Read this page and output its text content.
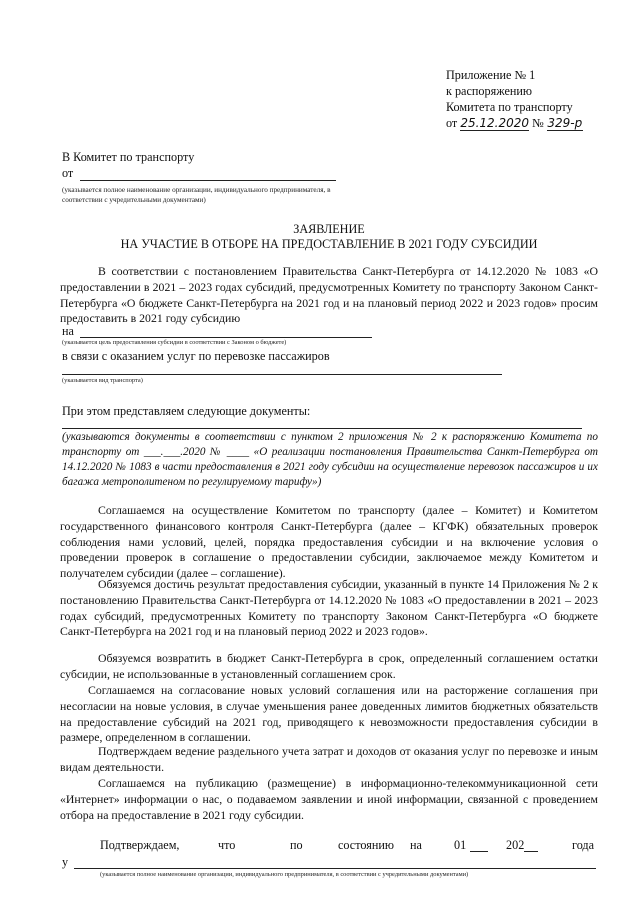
Приложение № 1
к распоряжению
Комитета по транспорту
от 25.12.2020 № 329-р
В Комитет по транспорту
от
(указывается полное наименование организации, индивидуального предпринимателя, в соответствии с учредительными документами)
ЗАЯВЛЕНИЕ
НА УЧАСТИЕ В ОТБОРЕ НА ПРЕДОСТАВЛЕНИЕ В 2021 ГОДУ СУБСИДИИ
В соответствии с постановлением Правительства Санкт-Петербурга от 14.12.2020 № 1083 «О предоставлении в 2021 – 2023 годах субсидий, предусмотренных Комитету по транспорту Законом Санкт-Петербурга «О бюджете Санкт-Петербурга на 2021 год и на плановый период 2022 и 2023 годов» просим предоставить в 2021 году субсидию
на
(указывается цель предоставления субсидии в соответствии с Законом о бюджете)
в связи с оказанием услуг по перевозке пассажиров
(указывается вид транспорта)
При этом представляем следующие документы:
(указываются документы в соответствии с пунктом 2 приложения № 2 к распоряжению Комитета по транспорту от ___.___.2020 № ____ «О реализации постановления Правительства Санкт-Петербурга от 14.12.2020 № 1083 в части предоставления в 2021 году субсидии на осуществление перевозок пассажиров и их багажа метрополитеном по регулируемому тарифу»)
Соглашаемся на осуществление Комитетом по транспорту (далее – Комитет) и Комитетом государственного финансового контроля Санкт-Петербурга (далее – КГФК) обязательных проверок соблюдения нами условий, целей, порядка предоставления субсидии и на включение условия о проведении проверок в соглашение о предоставлении субсидии, заключаемое между Комитетом и получателем субсидии (далее – соглашение).
Обязуемся достичь результат предоставления субсидии, указанный в пункте 14 Приложения № 2 к постановлению Правительства Санкт-Петербурга от 14.12.2020 № 1083 «О предоставлении в 2021 – 2023 годах субсидий, предусмотренных Комитету по транспорту Законом Санкт-Петербурга «О бюджете Санкт-Петербурга на 2021 год и на плановый период 2022 и 2023 годов».
Обязуемся возвратить в бюджет Санкт-Петербурга в срок, определенный соглашением остатки субсидии, не использованные в установленный соглашением срок.
Соглашаемся на согласование новых условий соглашения или на расторжение соглашения при несогласии на новые условия, в случае уменьшения ранее доведенных лимитов бюджетных обязательств на предоставление субсидий на 2021 год, приводящего к невозможности предоставления субсидии в размере, определенном в соглашении.
Подтверждаем ведение раздельного учета затрат и доходов от оказания услуг по перевозке и иным видам деятельности.
Соглашаемся на публикацию (размещение) в информационно-телекоммуникационной сети «Интернет» информации о нас, о подаваемом заявлении и иной информации, связанной с проведением отбора на предоставление в 2021 году субсидии.
Подтверждаем,	что	по	состоянию на	01	202	года
у
(указывается полное наименование организации, индивидуального предпринимателя, в соответствии с учредительными документами)
